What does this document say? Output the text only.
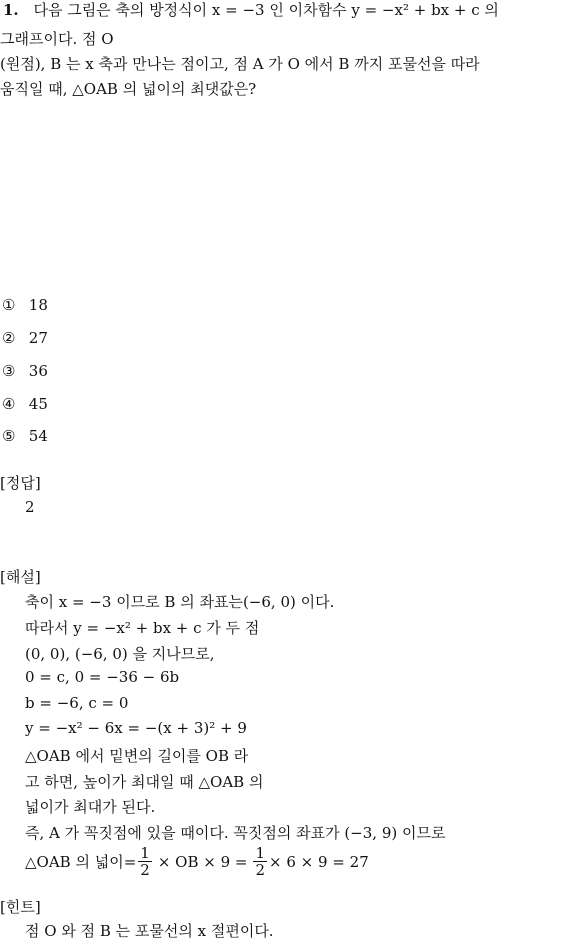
1. 다음 그림은 축의 방정식이 x = −3 인 이차함수 y = −x² + bx + c 의
그래프이다. 점 O
(원점), B 는 x 축과 만나는 점이고, 점 A 가 O 에서 B 까지 포물선을 따라
움직일 때, △OAB 의 넓이의 최댓값은?
① 18
② 27
③ 36
④ 45
⑤ 54
[정답]
2
[해설]
축이 x = −3 이므로 B 의 좌표는(−6, 0) 이다.
따라서 y = −x² + bx + c 가 두 점
(0, 0), (−6, 0) 을 지나므로,
0 = c, 0 = −36 − 6b
b = −6, c = 0
y = −x² − 6x = −(x + 3)² + 9
△OAB 에서 밑변의 길이를 OB 라
고 하면, 높이가 최대일 때 △OAB 의
넓이가 최대가 된다.
즉, A 가 꼭짓점에 있을 때이다. 꼭짓점의 좌표가 (−3, 9) 이므로
△OAB 의 넓이= $\frac{1}{2}$ × OB × $9 = \frac{1}{2} \times 6 \times 9 = 27$
[힌트]
점 O 와 점 B 는 포물선의 x 절편이다.
